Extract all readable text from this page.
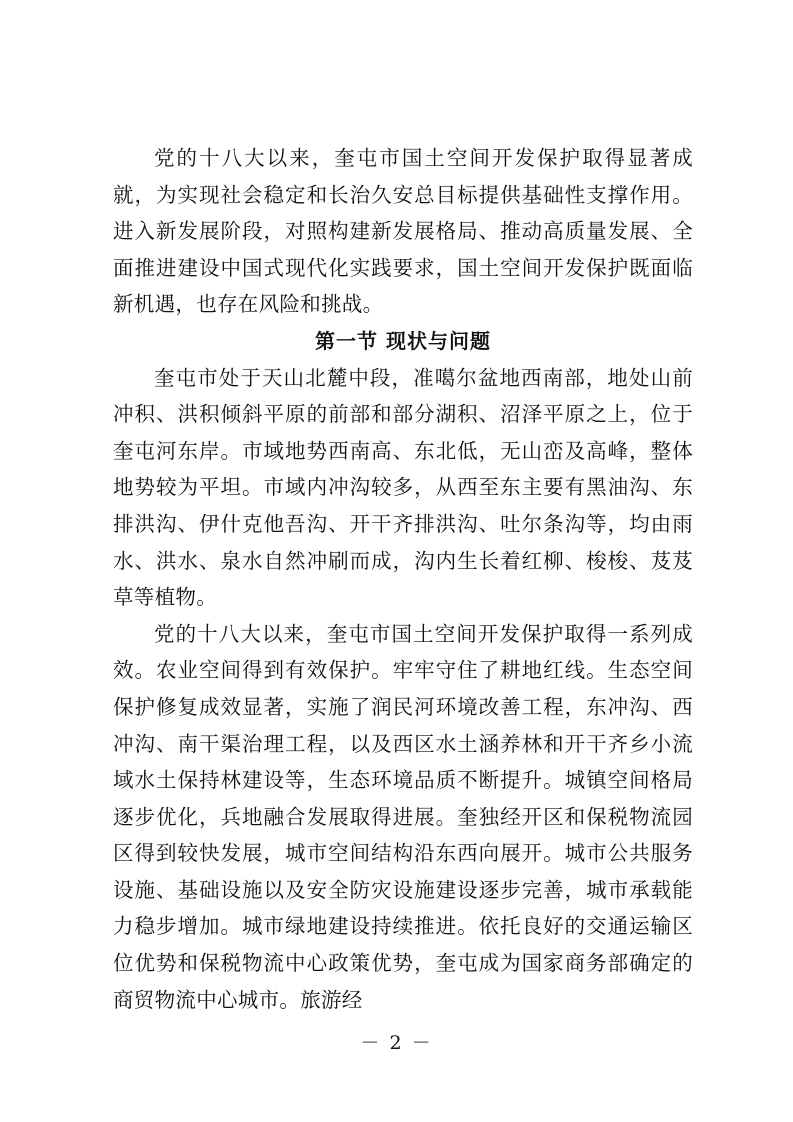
党的十八大以来，奎屯市国土空间开发保护取得显著成就，为实现社会稳定和长治久安总目标提供基础性支撑作用。进入新发展阶段，对照构建新发展格局、推动高质量发展、全面推进建设中国式现代化实践要求，国土空间开发保护既面临新机遇，也存在风险和挑战。

第一节 现状与问题

奎屯市处于天山北麓中段，准噶尔盆地西南部，地处山前冲积、洪积倾斜平原的前部和部分湖积、沼泽平原之上，位于奎屯河东岸。市域地势西南高、东北低，无山峦及高峰，整体地势较为平坦。市域内冲沟较多，从西至东主要有黑油沟、东排洪沟、伊什克他吾沟、开干齐排洪沟、吐尔条沟等，均由雨水、洪水、泉水自然冲刷而成，沟内生长着红柳、梭梭、芨芨草等植物。

党的十八大以来，奎屯市国土空间开发保护取得一系列成效。农业空间得到有效保护。牢牢守住了耕地红线。生态空间保护修复成效显著，实施了润民河环境改善工程，东冲沟、西冲沟、南干渠治理工程，以及西区水土涵养林和开干齐乡小流域水土保持林建设等，生态环境品质不断提升。城镇空间格局逐步优化，兵地融合发展取得进展。奎独经开区和保税物流园区得到较快发展，城市空间结构沿东西向展开。城市公共服务设施、基础设施以及安全防灾设施建设逐步完善，城市承载能力稳步增加。城市绿地建设持续推进。依托良好的交通运输区位优势和保税物流中心政策优势，奎屯成为国家商务部确定的商贸物流中心城市。旅游经

－ 2 －
